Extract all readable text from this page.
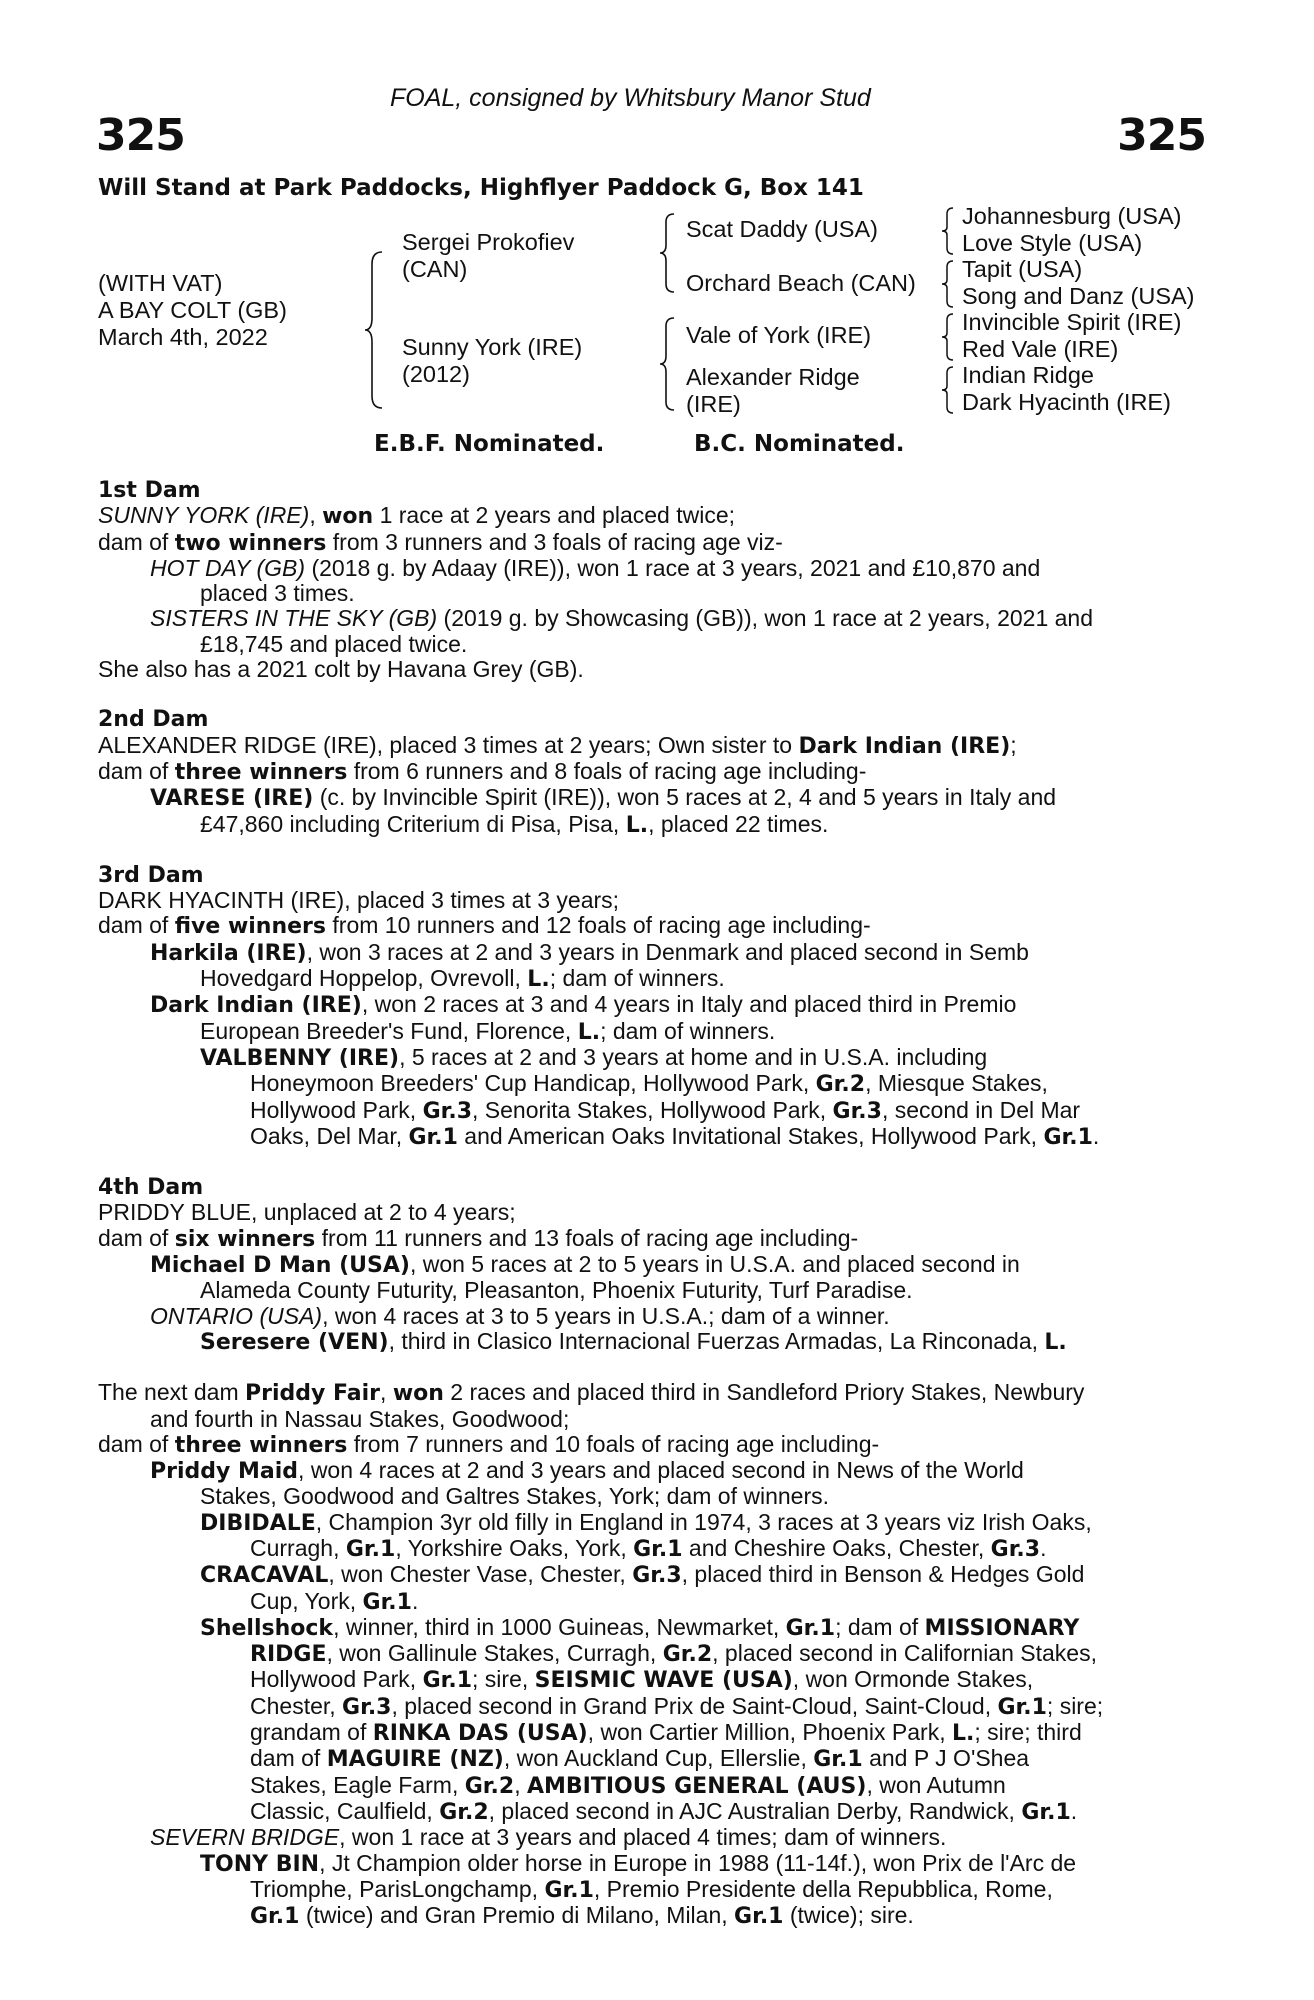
FOAL, consigned by Whitsbury Manor Stud
325	325
Will Stand at Park Paddocks, Highflyer Paddock G, Box 141
(WITH VAT)
A BAY COLT (GB)
March 4th, 2022
Sergei Prokofiev
(CAN)
Sunny York (IRE)
(2012)
Scat Daddy (USA)
Orchard Beach (CAN)
Vale of York (IRE)
Alexander Ridge
(IRE)
Johannesburg (USA)
Love Style (USA)
Tapit (USA)
Song and Danz (USA)
Invincible Spirit (IRE)
Red Vale (IRE)
Indian Ridge
Dark Hyacinth (IRE)
E.B.F. Nominated.	B.C. Nominated.
1st Dam
SUNNY YORK (IRE), won 1 race at 2 years and placed twice;
dam of two winners from 3 runners and 3 foals of racing age viz-
HOT DAY (GB) (2018 g. by Adaay (IRE)), won 1 race at 3 years, 2021 and £10,870 and
placed 3 times.
SISTERS IN THE SKY (GB) (2019 g. by Showcasing (GB)), won 1 race at 2 years, 2021 and
£18,745 and placed twice.
She also has a 2021 colt by Havana Grey (GB).
2nd Dam
ALEXANDER RIDGE (IRE), placed 3 times at 2 years; Own sister to Dark Indian (IRE);
dam of three winners from 6 runners and 8 foals of racing age including-
VARESE (IRE) (c. by Invincible Spirit (IRE)), won 5 races at 2, 4 and 5 years in Italy and
£47,860 including Criterium di Pisa, Pisa, L., placed 22 times.
3rd Dam
DARK HYACINTH (IRE), placed 3 times at 3 years;
dam of five winners from 10 runners and 12 foals of racing age including-
Harkila (IRE), won 3 races at 2 and 3 years in Denmark and placed second in Semb
Hovedgard Hoppelop, Ovrevoll, L.; dam of winners.
Dark Indian (IRE), won 2 races at 3 and 4 years in Italy and placed third in Premio
European Breeder's Fund, Florence, L.; dam of winners.
VALBENNY (IRE), 5 races at 2 and 3 years at home and in U.S.A. including
Honeymoon Breeders' Cup Handicap, Hollywood Park, Gr.2, Miesque Stakes,
Hollywood Park, Gr.3, Senorita Stakes, Hollywood Park, Gr.3, second in Del Mar
Oaks, Del Mar, Gr.1 and American Oaks Invitational Stakes, Hollywood Park, Gr.1.
4th Dam
PRIDDY BLUE, unplaced at 2 to 4 years;
dam of six winners from 11 runners and 13 foals of racing age including-
Michael D Man (USA), won 5 races at 2 to 5 years in U.S.A. and placed second in
Alameda County Futurity, Pleasanton, Phoenix Futurity, Turf Paradise.
ONTARIO (USA), won 4 races at 3 to 5 years in U.S.A.; dam of a winner.
Seresere (VEN), third in Clasico Internacional Fuerzas Armadas, La Rinconada, L.
The next dam Priddy Fair, won 2 races and placed third in Sandleford Priory Stakes, Newbury
and fourth in Nassau Stakes, Goodwood;
dam of three winners from 7 runners and 10 foals of racing age including-
Priddy Maid, won 4 races at 2 and 3 years and placed second in News of the World
Stakes, Goodwood and Galtres Stakes, York; dam of winners.
DIBIDALE, Champion 3yr old filly in England in 1974, 3 races at 3 years viz Irish Oaks,
Curragh, Gr.1, Yorkshire Oaks, York, Gr.1 and Cheshire Oaks, Chester, Gr.3.
CRACAVAL, won Chester Vase, Chester, Gr.3, placed third in Benson & Hedges Gold
Cup, York, Gr.1.
Shellshock, winner, third in 1000 Guineas, Newmarket, Gr.1; dam of MISSIONARY
RIDGE, won Gallinule Stakes, Curragh, Gr.2, placed second in Californian Stakes,
Hollywood Park, Gr.1; sire, SEISMIC WAVE (USA), won Ormonde Stakes,
Chester, Gr.3, placed second in Grand Prix de Saint-Cloud, Saint-Cloud, Gr.1; sire;
grandam of RINKA DAS (USA), won Cartier Million, Phoenix Park, L.; sire; third
dam of MAGUIRE (NZ), won Auckland Cup, Ellerslie, Gr.1 and P J O'Shea
Stakes, Eagle Farm, Gr.2, AMBITIOUS GENERAL (AUS), won Autumn
Classic, Caulfield, Gr.2, placed second in AJC Australian Derby, Randwick, Gr.1.
SEVERN BRIDGE, won 1 race at 3 years and placed 4 times; dam of winners.
TONY BIN, Jt Champion older horse in Europe in 1988 (11-14f.), won Prix de l'Arc de
Triomphe, ParisLongchamp, Gr.1, Premio Presidente della Repubblica, Rome,
Gr.1 (twice) and Gran Premio di Milano, Milan, Gr.1 (twice); sire.
